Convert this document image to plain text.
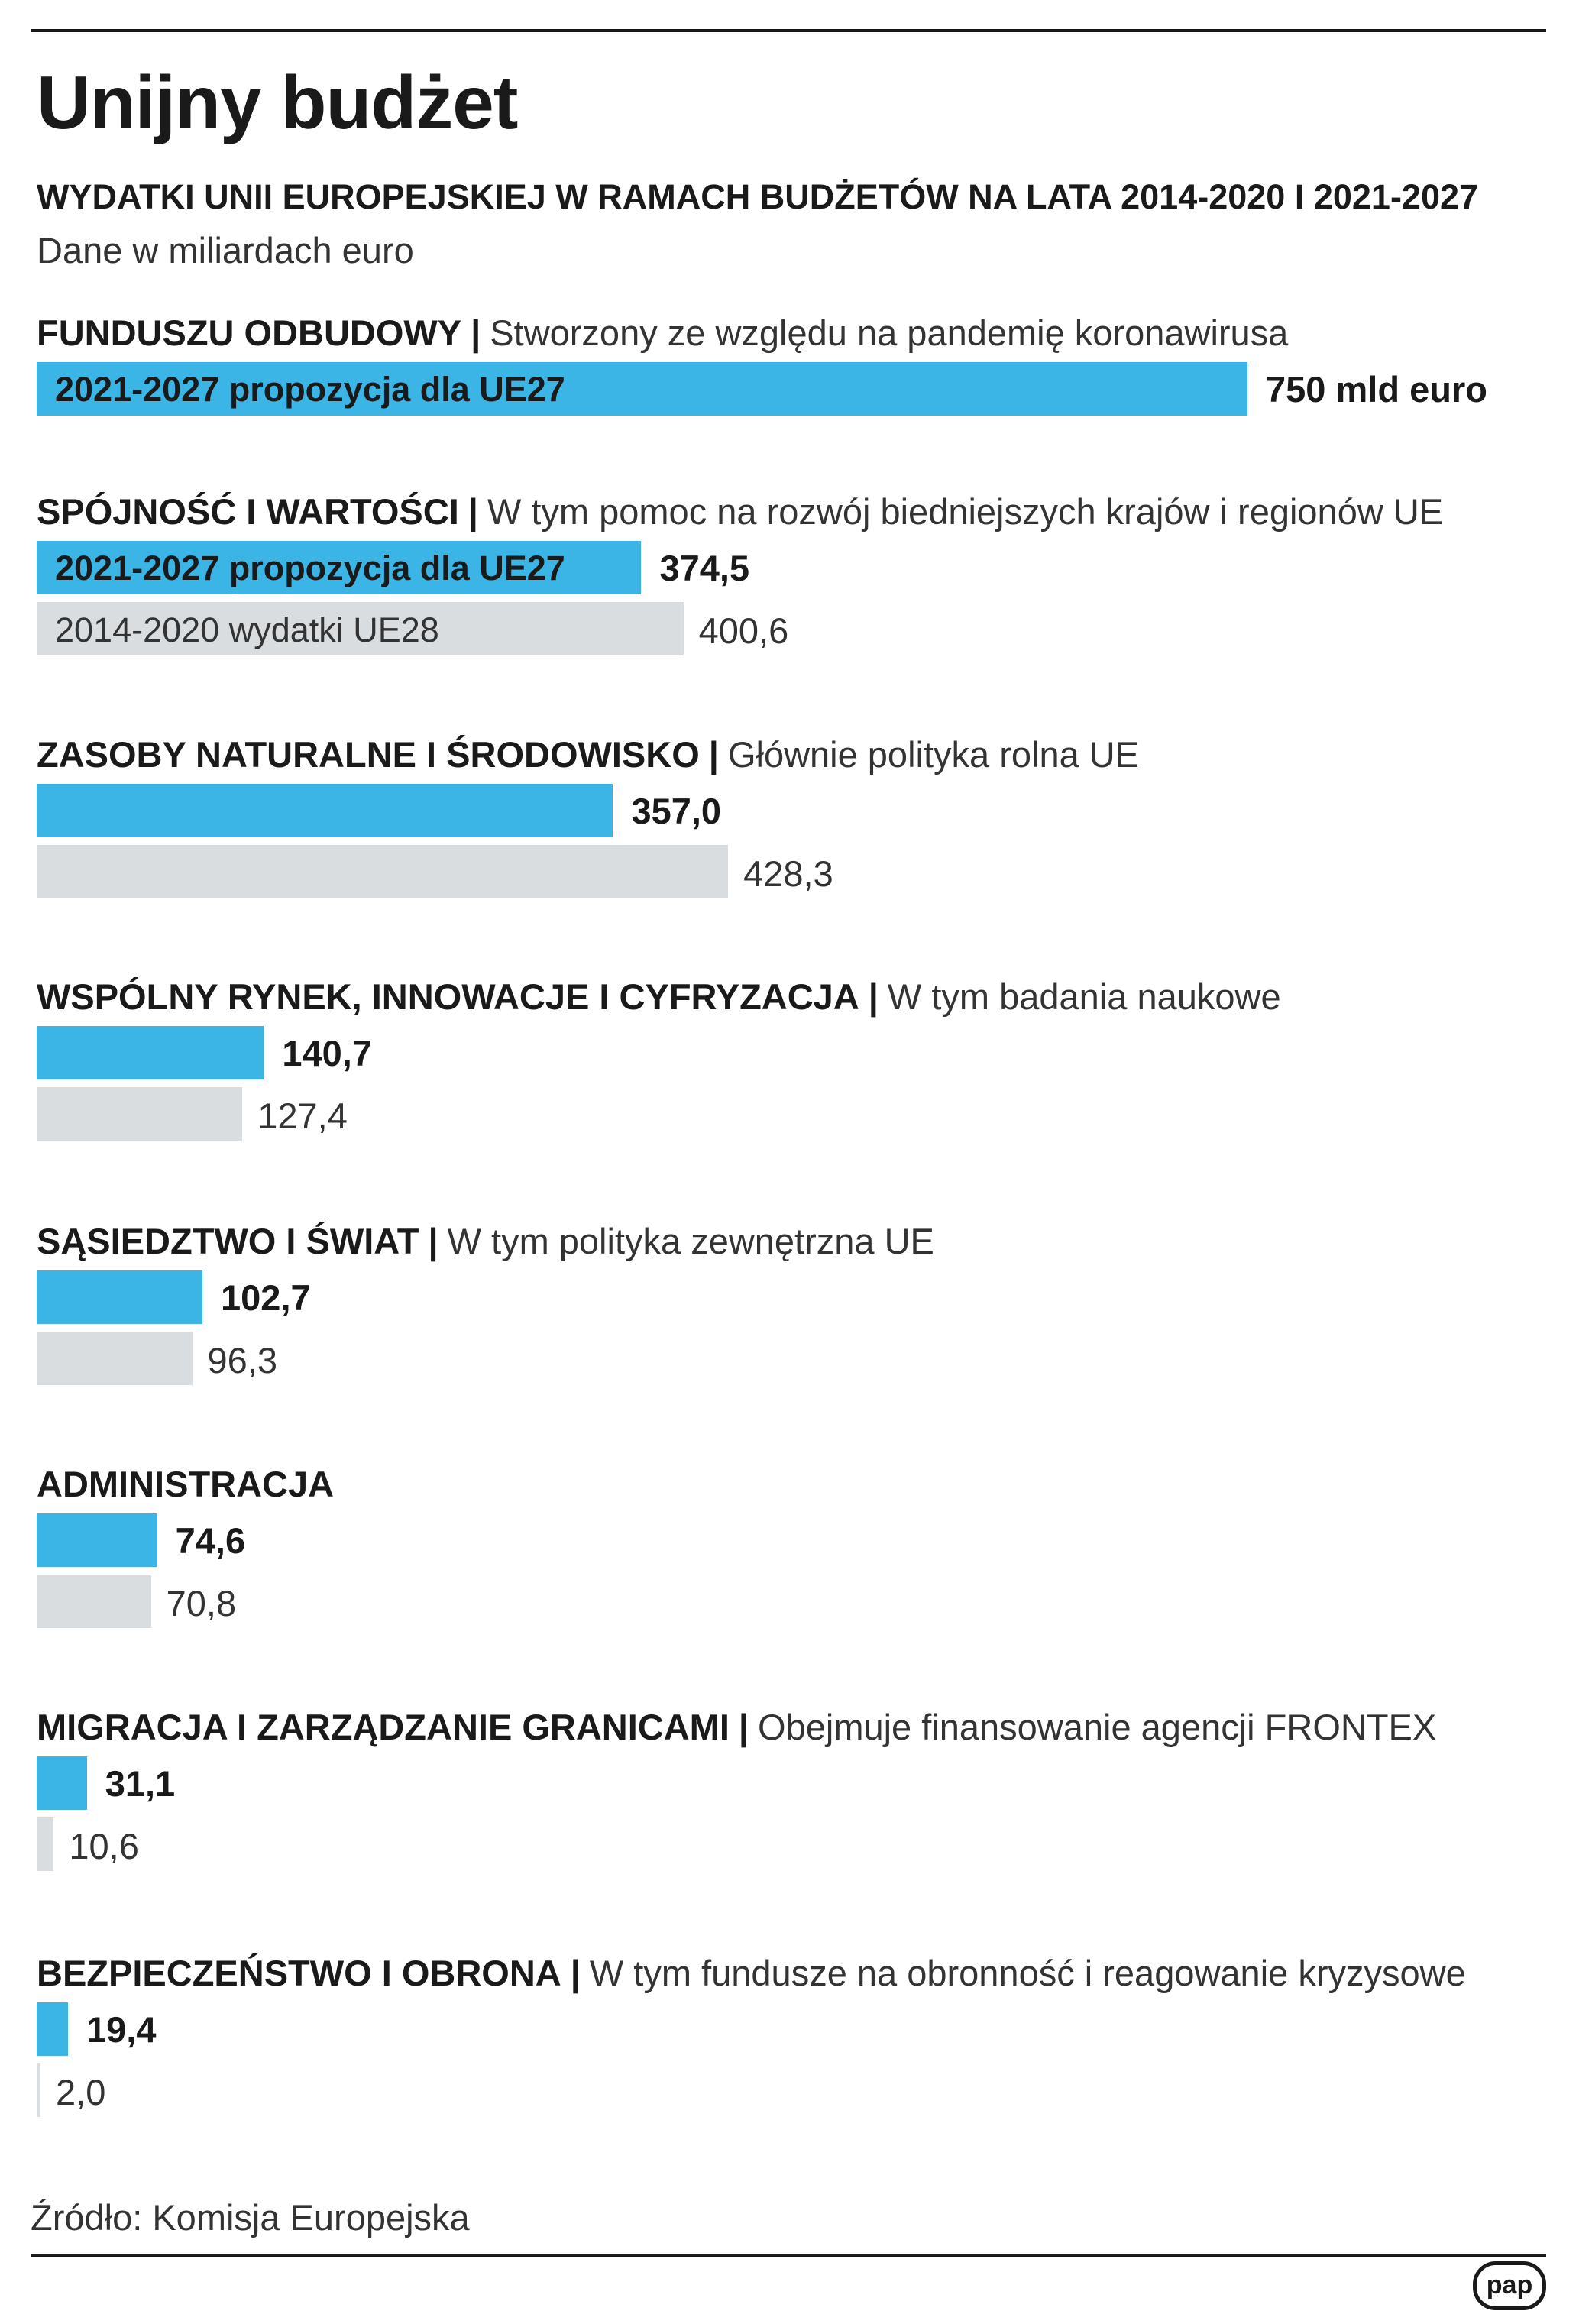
Unijny budżet
WYDATKI UNII EUROPEJSKIEJ W RAMACH BUDŻETÓW NA LATA 2014-2020 I 2021-2027
Dane w miliardach euro
FUNDUSZU ODBUDOWY | Stworzony ze względu na pandemię koronawirusa
750 mld euro
2021-2027 propozycja dla UE27
SPÓJNOŚĆ I WARTOŚCI | W tym pomoc na rozwój biedniejszych krajów i regionów UE
374,5
2021-2027 propozycja dla UE27
400,6
2014-2020 wydatki UE28
ZASOBY NATURALNE I ŚRODOWISKO | Głównie polityka rolna UE
357,0
428,3
WSPÓLNY RYNEK, INNOWACJE I CYFRYZACJA | W tym badania naukowe
140,7
127,4
SĄSIEDZTWO I ŚWIAT | W tym polityka zewnętrzna UE
102,7
96,3
ADMINISTRACJA
74,6
70,8
MIGRACJA I ZARZĄDZANIE GRANICAMI | Obejmuje finansowanie agencji FRONTEX
31,1
10,6
BEZPIECZEŃSTWO I OBRONA | W tym fundusze na obronność i reagowanie kryzysowe
19,4
2,0
Źródło: Komisja Europejska
pap
